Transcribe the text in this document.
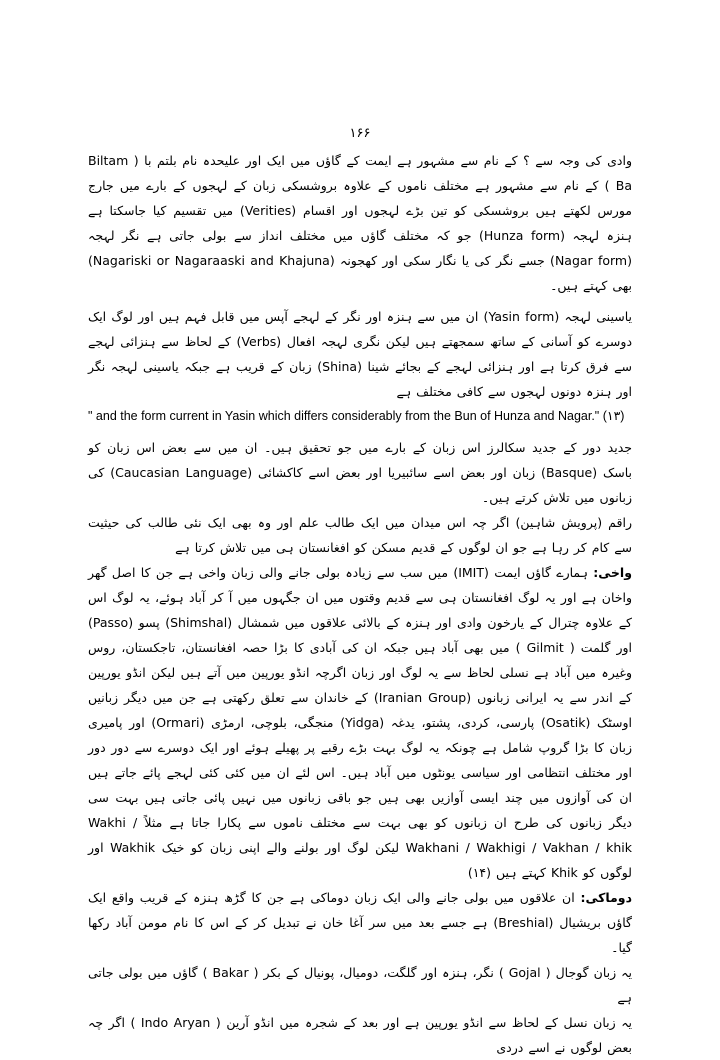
۱۶۶

وادی کی وجہ سے ؟ کے نام سے مشہور ہے ایمت کے گاؤں میں ایک اور علیحدہ نام بلتم با ( Biltam Ba ) کے نام سے مشہور ہے مختلف ناموں کے علاوہ بروشسکی زبان کے لہجوں کے بارے میں جارج مورس لکھتے ہیں بروشسکی کو تین بڑے لہجوں اور اقسام (Verities) میں تقسیم کیا جاسکتا ہے ہنزہ لہجہ (Hunza form) جو کہ مختلف گاؤں میں مختلف انداز سے بولی جاتی ہے نگر لہجہ (Nagar form) جسے نگر کی یا نگار سکی اور کھجونہ (Nagariski or Nagaraaski and Khajuna) بھی کہتے ہیں۔

یاسینی لہجہ (Yasin form) ان میں سے ہنزہ اور نگر کے لہجے آپس میں قابل فہم ہیں اور لوگ ایک دوسرے کو آسانی کے ساتھ سمجھتے ہیں لیکن نگری لہجہ افعال (Verbs) کے لحاظ سے ہنزائی لہجے سے فرق کرتا ہے اور ہنزائی لہجے کے بجائے شینا (Shina) زبان کے قریب ہے جبکہ یاسینی لہجہ نگر اور ہنزہ دونوں لہجوں سے کافی مختلف ہے

" and the form current in Yasin which differs considerably from the Bun of Hunza and Nagar." (۱۳)

جدید دور کے جدید سکالرز اس زبان کے بارے میں جو تحقیق ہیں۔ ان میں سے بعض اس زبان کو باسک (Basque) زبان اور بعض اسے سائبیریا اور بعض اسے کاکشائی (Caucasian Language) کی زبانوں میں تلاش کرتے ہیں۔

راقم (پرویش شاہین) اگر چہ اس میدان میں ایک طالب علم اور وہ بھی ایک نئی طالب کی حیثیت سے کام کر رہا ہے جو ان لوگوں کے قدیم مسکن کو افغانستان ہی میں تلاش کرتا ہے

واخی: ہمارے گاؤں ایمت (IMIT) میں سب سے زیادہ بولی جانے والی زبان واخی ہے جن کا اصل گھر واخان ہے اور یہ لوگ افغانستان ہی سے قدیم وقتوں میں ان جگہوں میں آ کر آباد ہوئے، یہ لوگ اس کے علاوہ چترال کے یارخون وادی اور ہنزہ کے بالائی علاقوں میں شمشال (Shimshal) پسو (Passo) اور گلمت ( Gilmit ) میں بھی آباد ہیں جبکہ ان کی آبادی کا بڑا حصہ افغانستان، تاجکستان، روس وغیرہ میں آباد ہے نسلی لحاظ سے یہ لوگ اور زبان اگرچہ انڈو یورپین میں آتے ہیں لیکن انڈو یورپین کے اندر سے یہ ایرانی زبانوں (Iranian Group) کے خاندان سے تعلق رکھتی ہے جن میں دیگر زبانیں اوسٹک (Osatik) پارسی، کردی، پشتو، یدغہ (Yidga) منجگی، بلوچی، ارمڑی (Ormari) اور پامیری زبان کا بڑا گروپ شامل ہے چونکہ یہ لوگ بہت بڑے رقبے پر پھیلے ہوئے اور ایک دوسرے سے دور دور اور مختلف انتظامی اور سیاسی یونٹوں میں آباد ہیں۔ اس لئے ان میں کئی کئی لہجے پائے جاتے ہیں ان کی آوازوں میں چند ایسی آوازیں بھی ہیں جو باقی زبانوں میں نہیں پائی جاتی ہیں بہت سی دیگر زبانوں کی طرح ان زبانوں کو بھی بہت سے مختلف ناموں سے پکارا جاتا ہے مثلاً Wakhi / Wakhani / Wakhigi / Vakhan / khik لیکن لوگ اور بولنے والے اپنی زبان کو خیک Wakhik اور لوگوں کو Khik کہتے ہیں (۱۴)

دوماکی: ان علاقوں میں بولی جانے والی ایک زبان دوماکی ہے جن کا گڑھ ہنزہ کے قریب واقع ایک گاؤں بریشیال (Breshial) ہے جسے بعد میں سر آغا خان نے تبدیل کر کے اس کا نام مومن آباد رکھا گیا۔

یہ زبان گوجال ( Gojal ) نگر، ہنزہ اور گلگت، دومیال، پونیال کے بکر ( Bakar ) گاؤں میں بولی جاتی ہے

یہ زبان نسل کے لحاظ سے انڈو یورپین ہے اور بعد کے شجرہ میں انڈو آرین ( Indo Aryan ) اگر چہ بعض لوگوں نے اسے دردی
